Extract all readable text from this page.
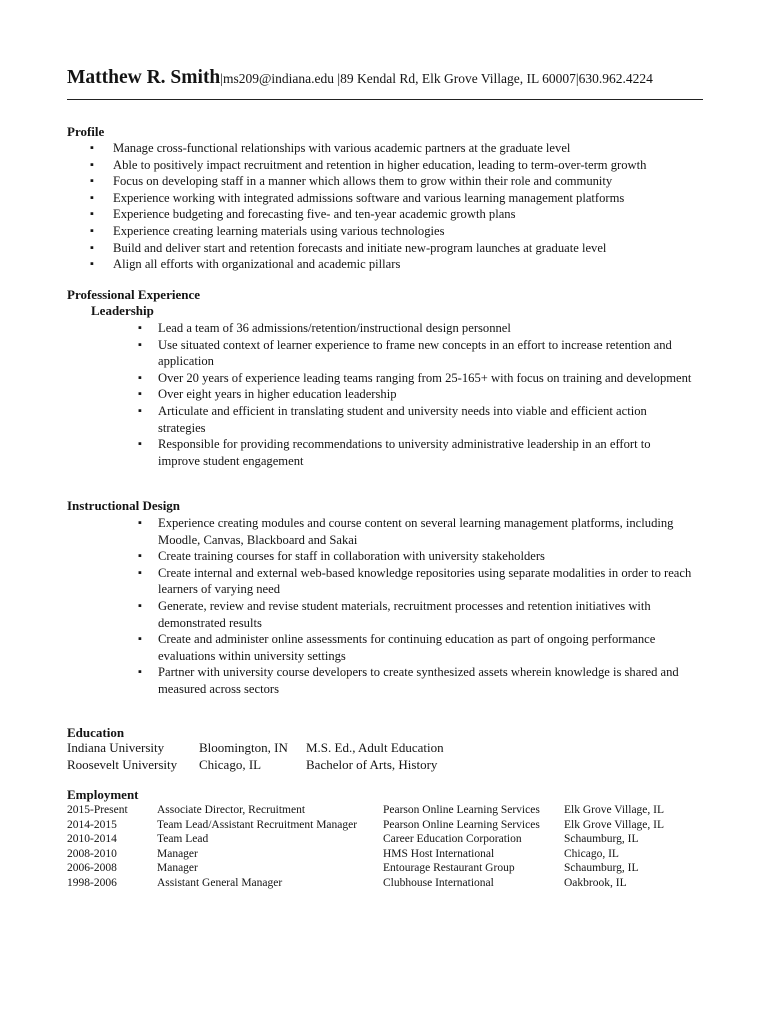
Matthew R. Smith|ms209@indiana.edu |89 Kendal Rd, Elk Grove Village, IL 60007|630.962.4224
Profile
▪ Manage cross-functional relationships with various academic partners at the graduate level
▪ Able to positively impact recruitment and retention in higher education, leading to term-over-term growth
▪ Focus on developing staff in a manner which allows them to grow within their role and community
▪ Experience working with integrated admissions software and various learning management platforms
▪ Experience budgeting and forecasting five- and ten-year academic growth plans
▪ Experience creating learning materials using various technologies
▪ Build and deliver start and retention forecasts and initiate new-program launches at graduate level
▪ Align all efforts with organizational and academic pillars
Professional Experience
Leadership
▪ Lead a team of 36 admissions/retention/instructional design personnel
▪ Use situated context of learner experience to frame new concepts in an effort to increase retention and application
▪ Over 20 years of experience leading teams ranging from 25-165+ with focus on training and development
▪ Over eight years in higher education leadership
▪ Articulate and efficient in translating student and university needs into viable and efficient action strategies
▪ Responsible for providing recommendations to university administrative leadership in an effort to improve student engagement
Instructional Design
▪ Experience creating modules and course content on several learning management platforms, including Moodle, Canvas, Blackboard and Sakai
▪ Create training courses for staff in collaboration with university stakeholders
▪ Create internal and external web-based knowledge repositories using separate modalities in order to reach learners of varying need
▪ Generate, review and revise student materials, recruitment processes and retention initiatives with demonstrated results
▪ Create and administer online assessments for continuing education as part of ongoing performance evaluations within university settings
▪ Partner with university course developers to create synthesized assets wherein knowledge is shared and measured across sectors
Education
Indiana University	Bloomington, IN	M.S. Ed., Adult Education
Roosevelt University	Chicago, IL	Bachelor of Arts, History
Employment
2015-Present	Associate Director, Recruitment	Pearson Online Learning Services	Elk Grove Village, IL
2014-2015	Team Lead/Assistant Recruitment Manager	Pearson Online Learning Services	Elk Grove Village, IL
2010-2014	Team Lead	Career Education Corporation	Schaumburg, IL
2008-2010	Manager	HMS Host International	Chicago, IL
2006-2008	Manager	Entourage Restaurant Group	Schaumburg, IL
1998-2006	Assistant General Manager	Clubhouse International	Oakbrook, IL
